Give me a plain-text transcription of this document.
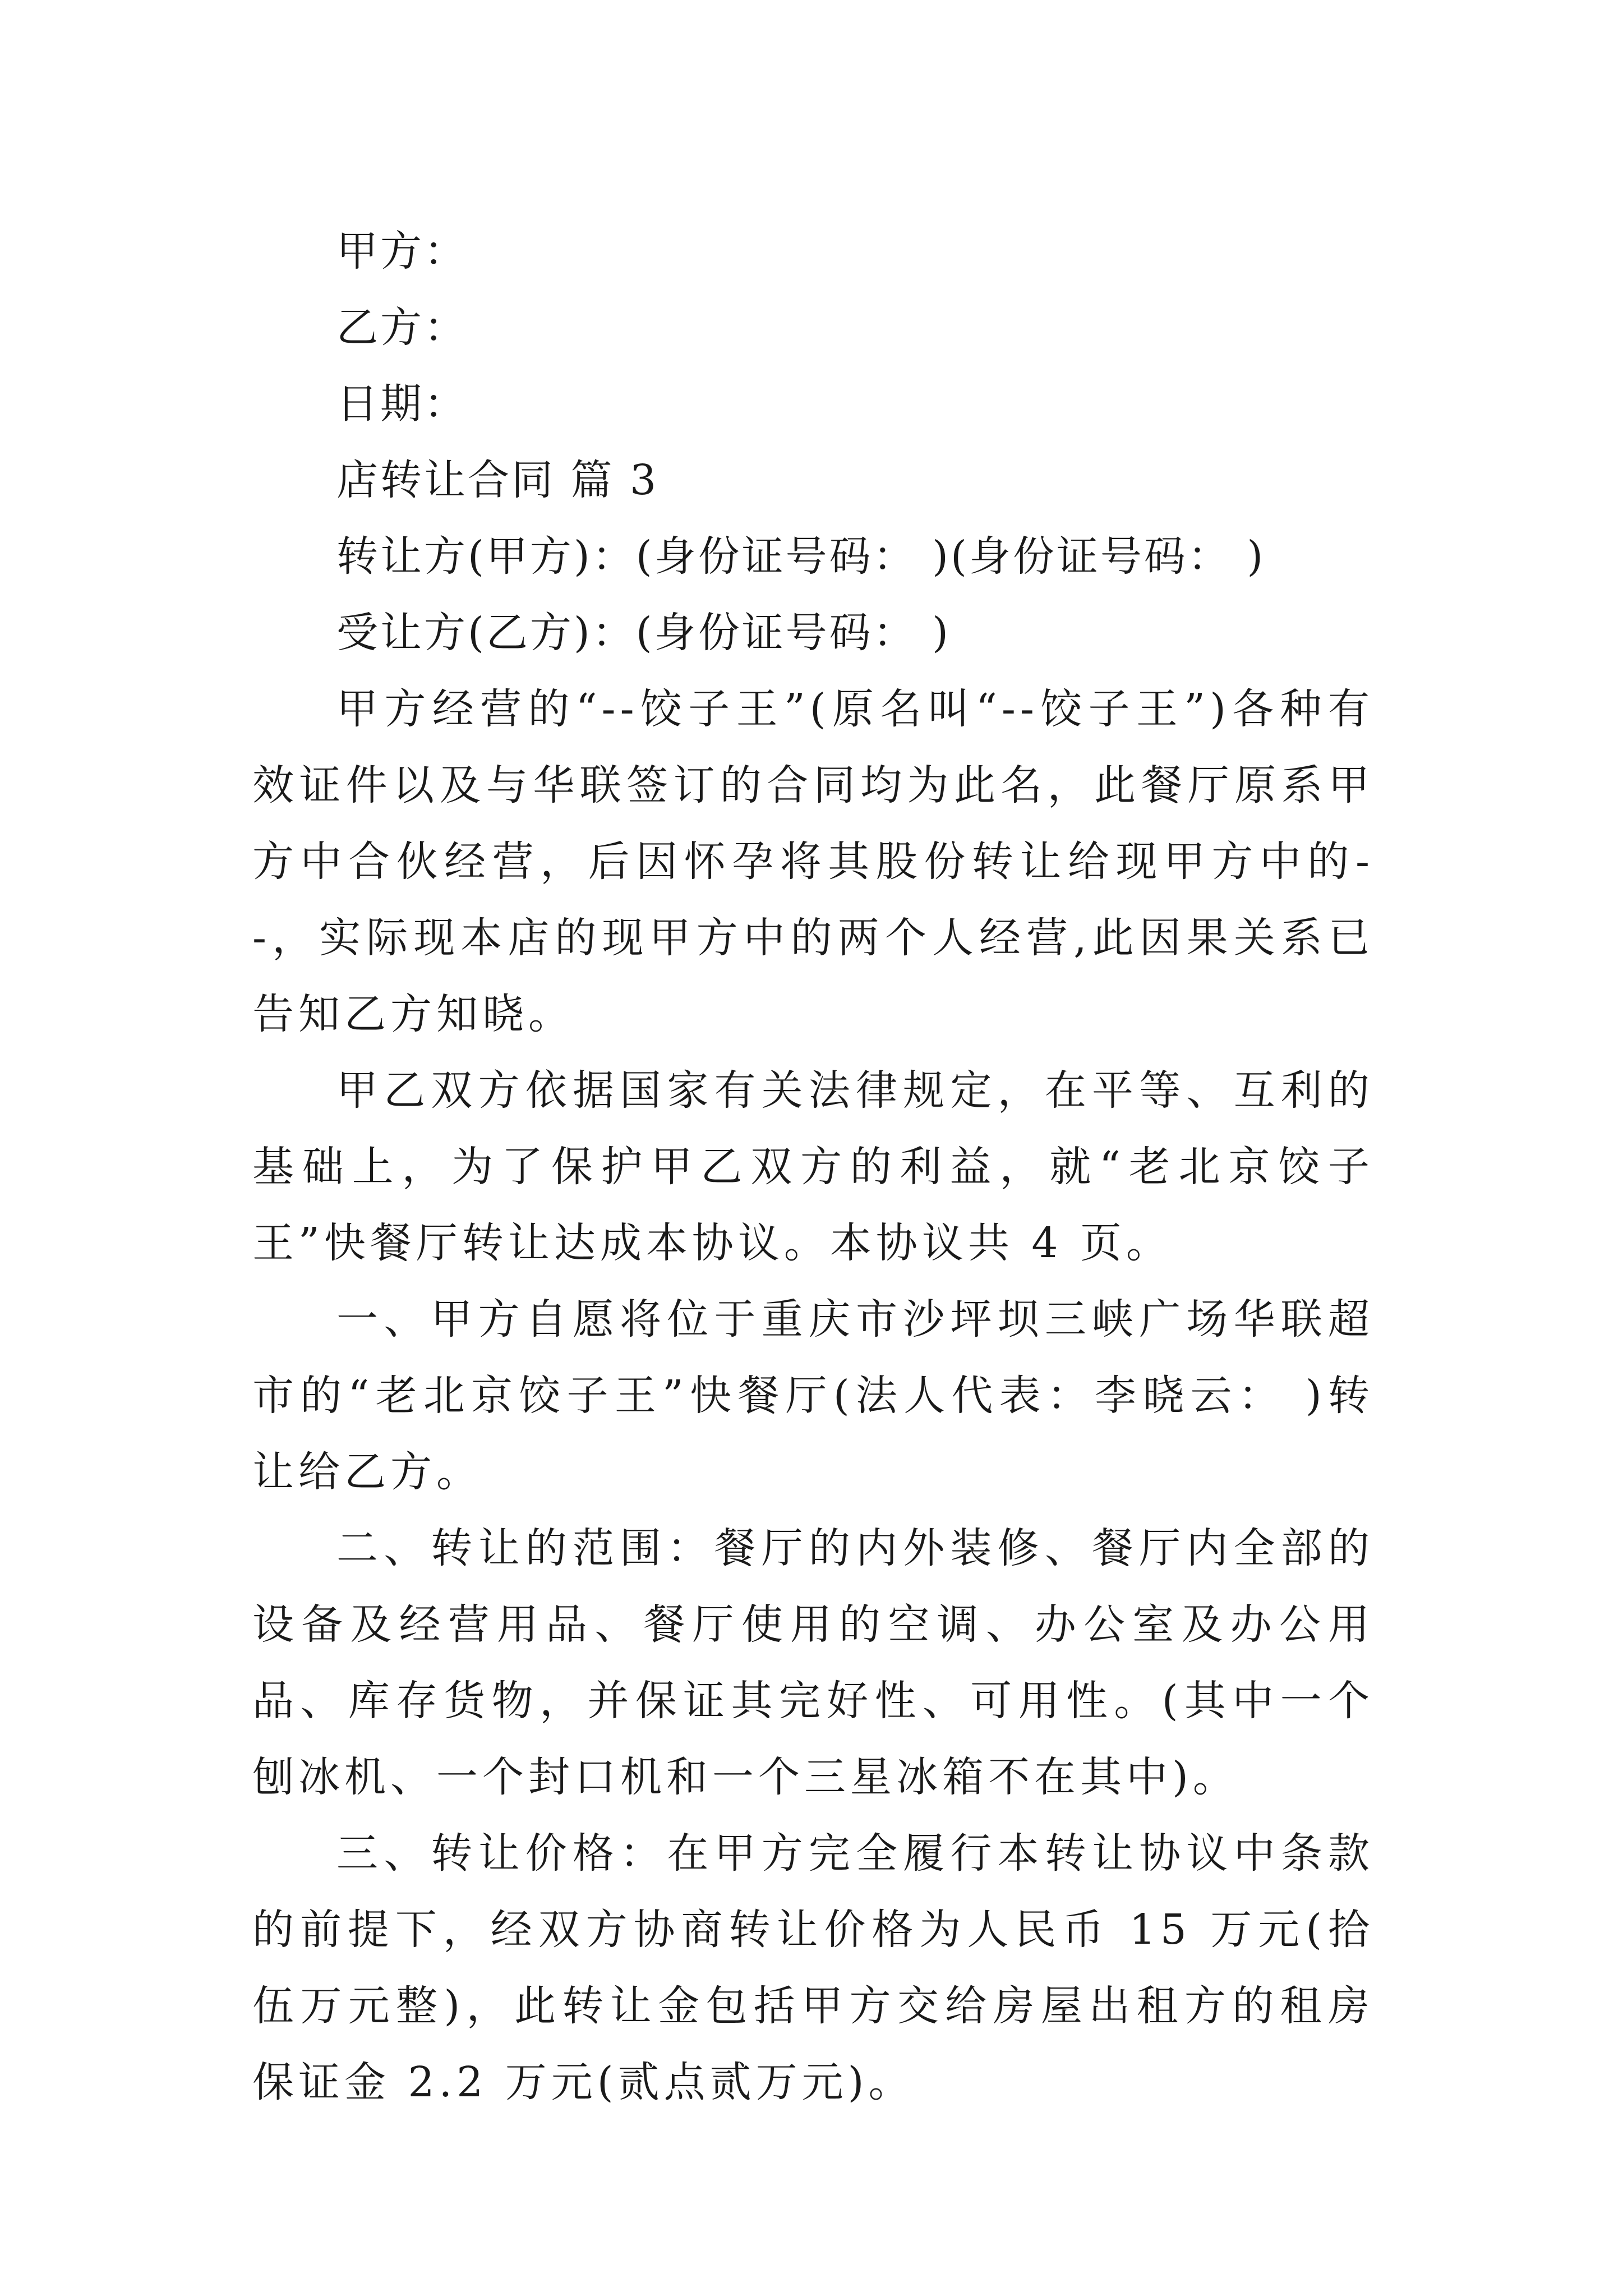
甲方：
乙方：
日期：
店转让合同 篇 3
转让方(甲方)：(身份证号码： )(身份证号码： )
受让方(乙方)：(身份证号码： )

甲方经营的“--饺子王”(原名叫“--饺子王”)各种有效证件以及与华联签订的合同均为此名，此餐厅原系甲方中合伙经营，后因怀孕将其股份转让给现甲方中的--，实际现本店的现甲方中的两个人经营,此因果关系已告知乙方知晓。

甲乙双方依据国家有关法律规定，在平等、互利的基础上，为了保护甲乙双方的利益，就“老北京饺子王”快餐厅转让达成本协议。本协议共 4 页。

一、甲方自愿将位于重庆市沙坪坝三峡广场华联超市的“老北京饺子王”快餐厅(法人代表：李晓云： )转让给乙方。

二、转让的范围：餐厅的内外装修、餐厅内全部的设备及经营用品、餐厅使用的空调、办公室及办公用品、库存货物，并保证其完好性、可用性。(其中一个刨冰机、一个封口机和一个三星冰箱不在其中)。

三、转让价格：在甲方完全履行本转让协议中条款的前提下，经双方协商转让价格为人民币 15 万元(拾伍万元整)，此转让金包括甲方交给房屋出租方的租房保证金 2.2 万元(贰点贰万元)。
